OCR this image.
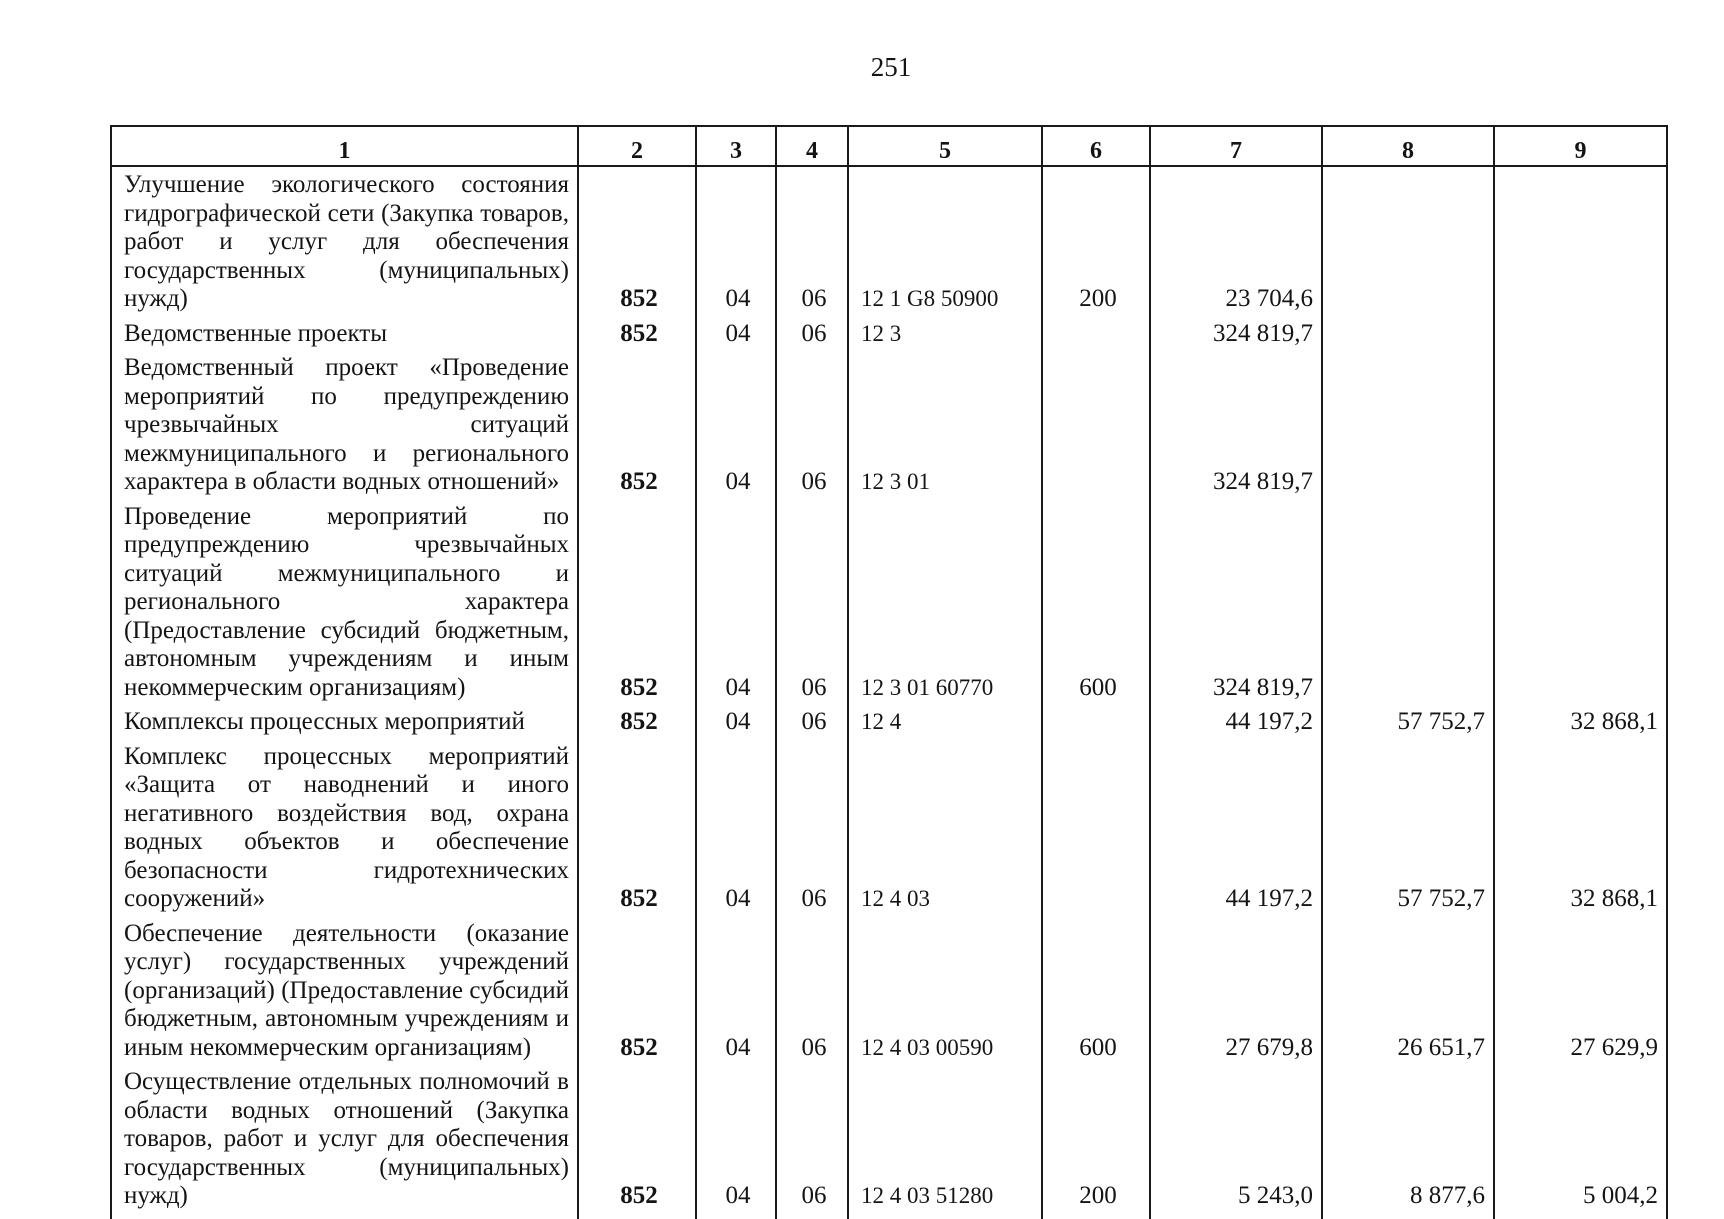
251
1	2	3	4	5	6	7	8	9
Улучшение экологического состояния гидрографической сети (Закупка товаров, работ и услуг для обеспечения государственных (муниципальных) нужд)	852	04	06	12 1 G8 50900	200	23 704,6		
Ведомственные проекты	852	04	06	12 3		324 819,7		
Ведомственный проект «Проведение мероприятий по предупреждению чрезвычайных ситуаций межмуниципального и регионального характера в области водных отношений»	852	04	06	12 3 01		324 819,7		
Проведение мероприятий по предупреждению чрезвычайных ситуаций межмуниципального и регионального характера (Предоставление субсидий бюджетным, автономным учреждениям и иным некоммерческим организациям)	852	04	06	12 3 01 60770	600	324 819,7		
Комплексы процессных мероприятий	852	04	06	12 4		44 197,2	57 752,7	32 868,1
Комплекс процессных мероприятий «Защита от наводнений и иного негативного воздействия вод, охрана водных объектов и обеспечение безопасности гидротехнических сооружений»	852	04	06	12 4 03		44 197,2	57 752,7	32 868,1
Обеспечение деятельности (оказание услуг) государственных учреждений (организаций) (Предоставление субсидий бюджетным, автономным учреждениям и иным некоммерческим организациям)	852	04	06	12 4 03 00590	600	27 679,8	26 651,7	27 629,9
Осуществление отдельных полномочий в области водных отношений (Закупка товаров, работ и услуг для обеспечения государственных (муниципальных) нужд)	852	04	06	12 4 03 51280	200	5 243,0	8 877,6	5 004,2
